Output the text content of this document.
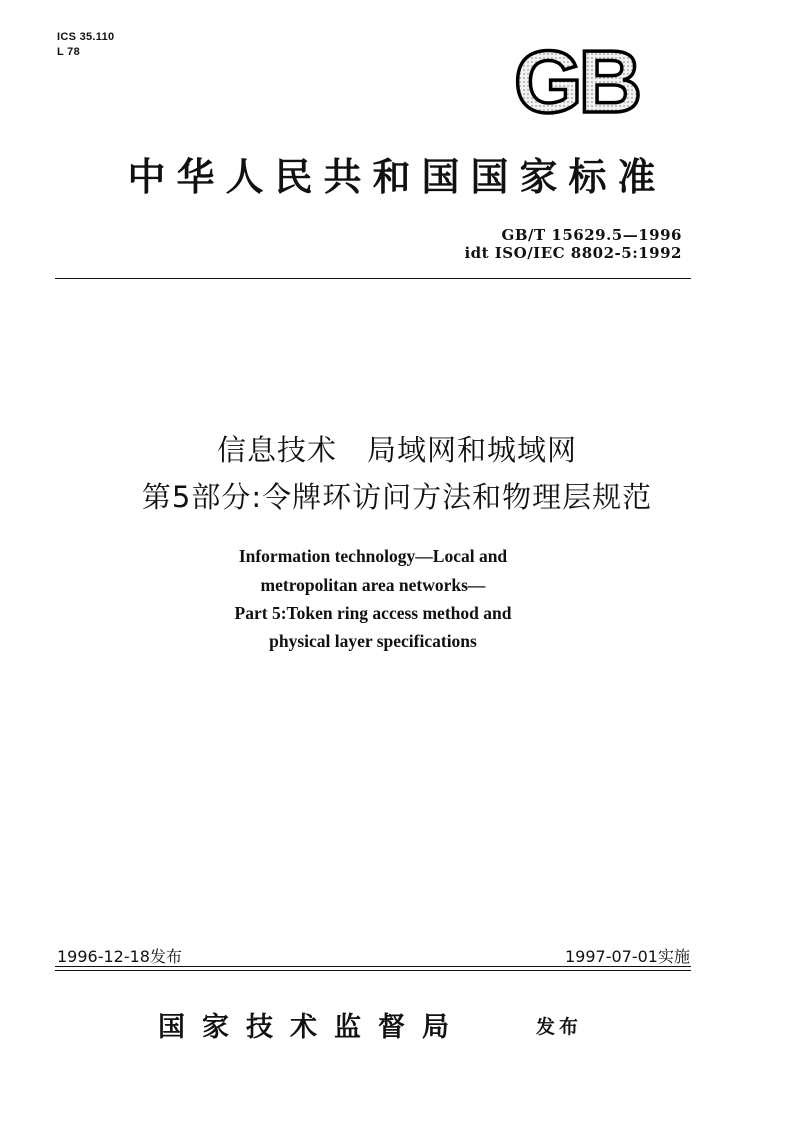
ICS 35.110
L 78	GB
中华人民共和国国家标准
GB/T 15629.5—1996
idt ISO/IEC 8802-5:1992
信息技术　局域网和城域网
第5部分:令牌环访问方法和物理层规范
Information technology—Local and
metropolitan area networks—
Part 5:Token ring access method and
physical layer specifications
1996-12-18发布	1997-07-01实施
国家技术监督局	发布
